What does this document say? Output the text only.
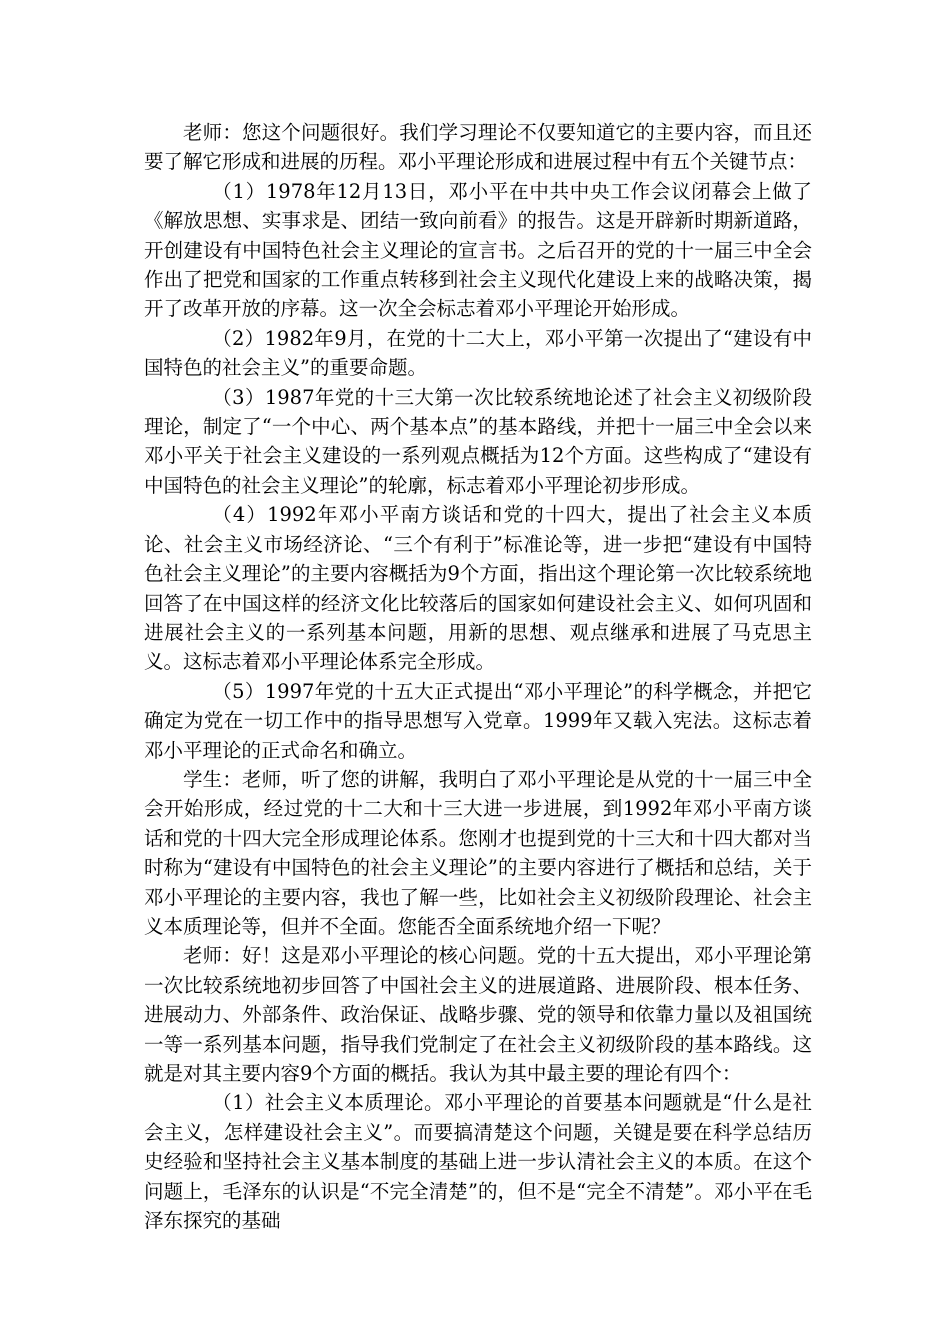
老师：您这个问题很好。我们学习理论不仅要知道它的主要内容，而且还要了解它形成和进展的历程。邓小平理论形成和进展过程中有五个关键节点：

（1）1978年12月13日，邓小平在中共中央工作会议闭幕会上做了《解放思想、实事求是、团结一致向前看》的报告。这是开辟新时期新道路，开创建设有中国特色社会主义理论的宣言书。之后召开的党的十一届三中全会作出了把党和国家的工作重点转移到社会主义现代化建设上来的战略决策，揭开了改革开放的序幕。这一次全会标志着邓小平理论开始形成。

（2）1982年9月，在党的十二大上，邓小平第一次提出了“建设有中国特色的社会主义”的重要命题。

（3）1987年党的十三大第一次比较系统地论述了社会主义初级阶段理论，制定了“一个中心、两个基本点”的基本路线，并把十一届三中全会以来邓小平关于社会主义建设的一系列观点概括为12个方面。这些构成了“建设有中国特色的社会主义理论”的轮廓，标志着邓小平理论初步形成。

（4）1992年邓小平南方谈话和党的十四大，提出了社会主义本质论、社会主义市场经济论、“三个有利于”标准论等，进一步把“建设有中国特色社会主义理论”的主要内容概括为9个方面，指出这个理论第一次比较系统地回答了在中国这样的经济文化比较落后的国家如何建设社会主义、如何巩固和进展社会主义的一系列基本问题，用新的思想、观点继承和进展了马克思主义。这标志着邓小平理论体系完全形成。

（5）1997年党的十五大正式提出“邓小平理论”的科学概念，并把它确定为党在一切工作中的指导思想写入党章。1999年又载入宪法。这标志着邓小平理论的正式命名和确立。

学生：老师，听了您的讲解，我明白了邓小平理论是从党的十一届三中全会开始形成，经过党的十二大和十三大进一步进展，到1992年邓小平南方谈话和党的十四大完全形成理论体系。您刚才也提到党的十三大和十四大都对当时称为“建设有中国特色的社会主义理论”的主要内容进行了概括和总结，关于邓小平理论的主要内容，我也了解一些，比如社会主义初级阶段理论、社会主义本质理论等，但并不全面。您能否全面系统地介绍一下呢？

老师：好！这是邓小平理论的核心问题。党的十五大提出，邓小平理论第一次比较系统地初步回答了中国社会主义的进展道路、进展阶段、根本任务、进展动力、外部条件、政治保证、战略步骤、党的领导和依靠力量以及祖国统一等一系列基本问题，指导我们党制定了在社会主义初级阶段的基本路线。这就是对其主要内容9个方面的概括。我认为其中最主要的理论有四个：

（1）社会主义本质理论。邓小平理论的首要基本问题就是“什么是社会主义，怎样建设社会主义”。而要搞清楚这个问题，关键是要在科学总结历史经验和坚持社会主义基本制度的基础上进一步认清社会主义的本质。在这个问题上，毛泽东的认识是“不完全清楚”的，但不是“完全不清楚”。邓小平在毛泽东探究的基础
